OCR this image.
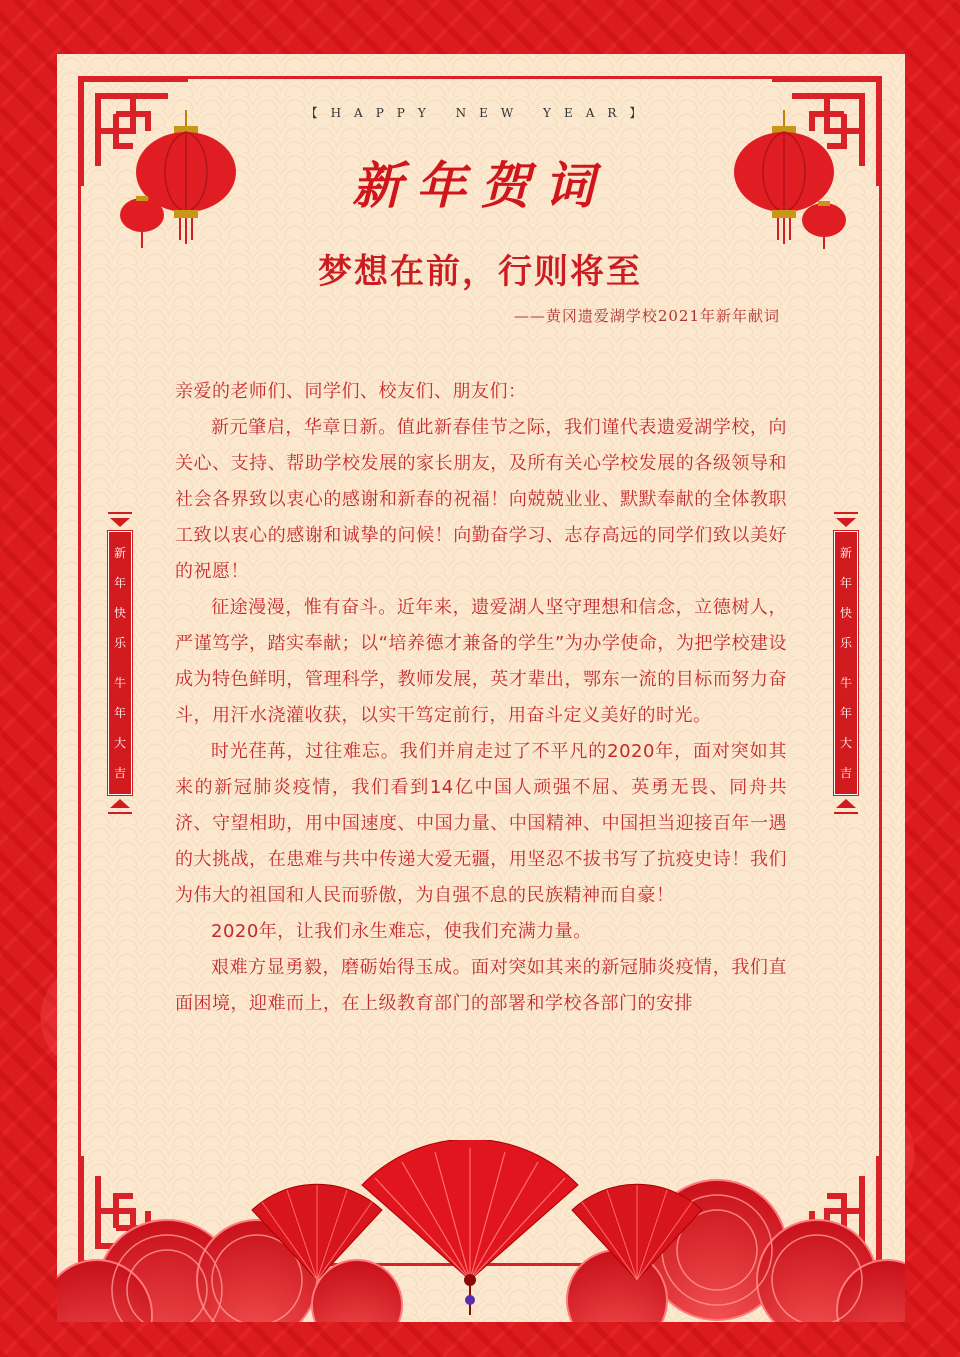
【HAPPY NEW YEAR】
新年贺词
梦想在前，行则将至
——黄冈遗爱湖学校2021年新年献词
新
年
快
乐
牛
年
大
吉
新
年
快
乐
牛
年
大
吉

亲爱的老师们、同学们、校友们、朋友们：

新元肇启，华章日新。值此新春佳节之际，我们谨代表遗爱湖学校，向关心、支持、帮助学校发展的家长朋友，及所有关心学校发展的各级领导和社会各界致以衷心的感谢和新春的祝福！向兢兢业业、默默奉献的全体教职工致以衷心的感谢和诚挚的问候！向勤奋学习、志存高远的同学们致以美好的祝愿！

征途漫漫，惟有奋斗。近年来，遗爱湖人坚守理想和信念，立德树人，严谨笃学，踏实奉献；以“培养德才兼备的学生”为办学使命，为把学校建设成为特色鲜明，管理科学，教师发展，英才辈出，鄂东一流的目标而努力奋斗，用汗水浇灌收获，以实干笃定前行，用奋斗定义美好的时光。

时光荏苒，过往难忘。我们并肩走过了不平凡的2020年，面对突如其来的新冠肺炎疫情，我们看到14亿中国人顽强不屈、英勇无畏、同舟共济、守望相助，用中国速度、中国力量、中国精神、中国担当迎接百年一遇的大挑战，在患难与共中传递大爱无疆，用坚忍不拔书写了抗疫史诗！我们为伟大的祖国和人民而骄傲，为自强不息的民族精神而自豪！

2020年，让我们永生难忘，使我们充满力量。

艰难方显勇毅，磨砺始得玉成。面对突如其来的新冠肺炎疫情，我们直面困境，迎难而上，在上级教育部门的部署和学校各部门的安排
